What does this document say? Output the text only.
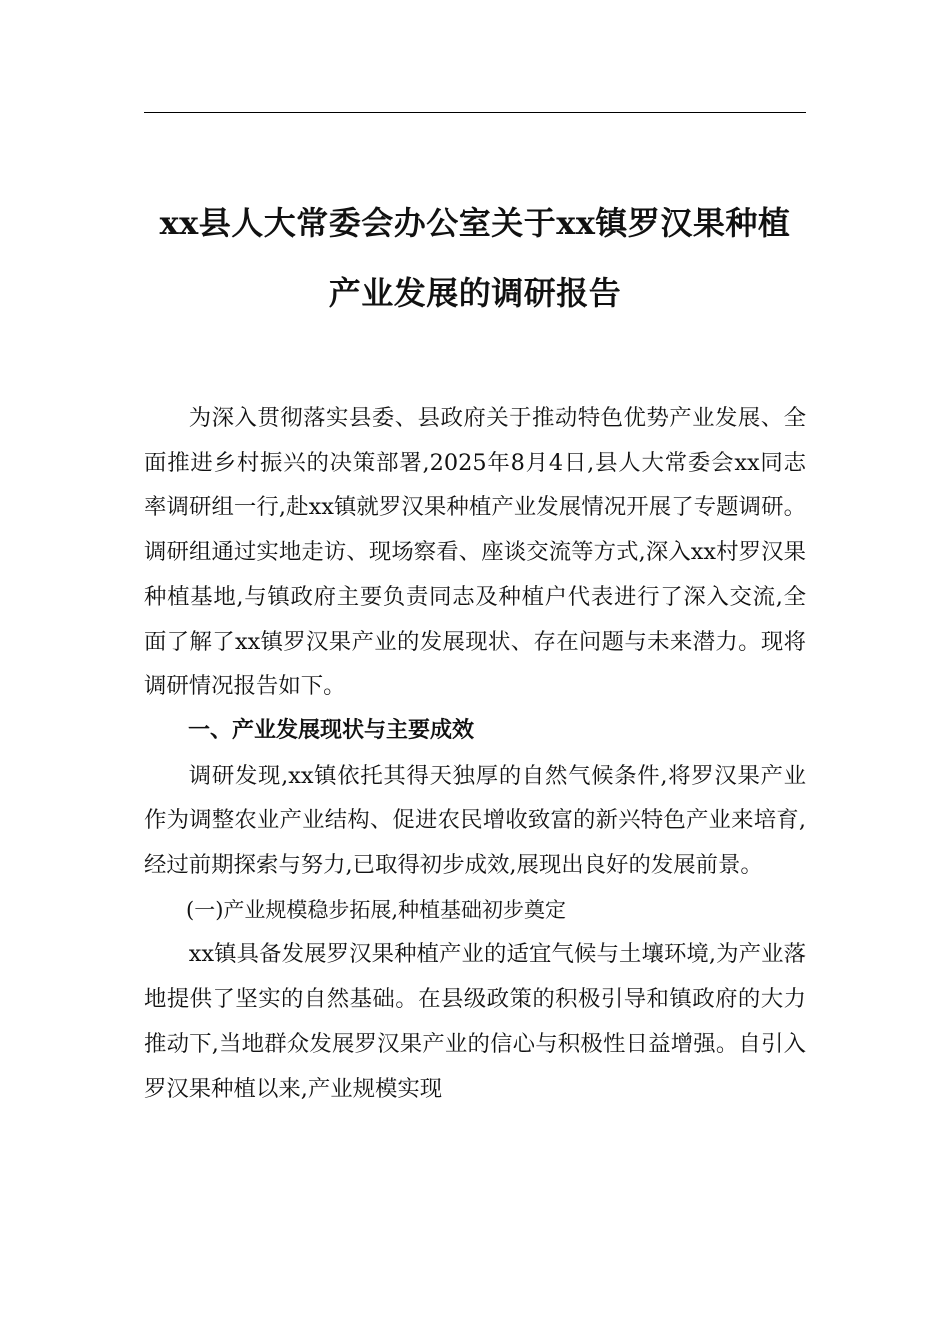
xx县人大常委会办公室关于xx镇罗汉果种植产业发展的调研报告

为深入贯彻落实县委、县政府关于推动特色优势产业发展、全面推进乡村振兴的决策部署,2025年8月4日,县人大常委会xx同志率调研组一行,赴xx镇就罗汉果种植产业发展情况开展了专题调研。调研组通过实地走访、现场察看、座谈交流等方式,深入xx村罗汉果种植基地,与镇政府主要负责同志及种植户代表进行了深入交流,全面了解了xx镇罗汉果产业的发展现状、存在问题与未来潜力。现将调研情况报告如下。

一、产业发展现状与主要成效

调研发现,xx镇依托其得天独厚的自然气候条件,将罗汉果产业作为调整农业产业结构、促进农民增收致富的新兴特色产业来培育,经过前期探索与努力,已取得初步成效,展现出良好的发展前景。

(一)产业规模稳步拓展,种植基础初步奠定

xx镇具备发展罗汉果种植产业的适宜气候与土壤环境,为产业落地提供了坚实的自然基础。在县级政策的积极引导和镇政府的大力推动下,当地群众发展罗汉果产业的信心与积极性日益增强。自引入罗汉果种植以来,产业规模实现
